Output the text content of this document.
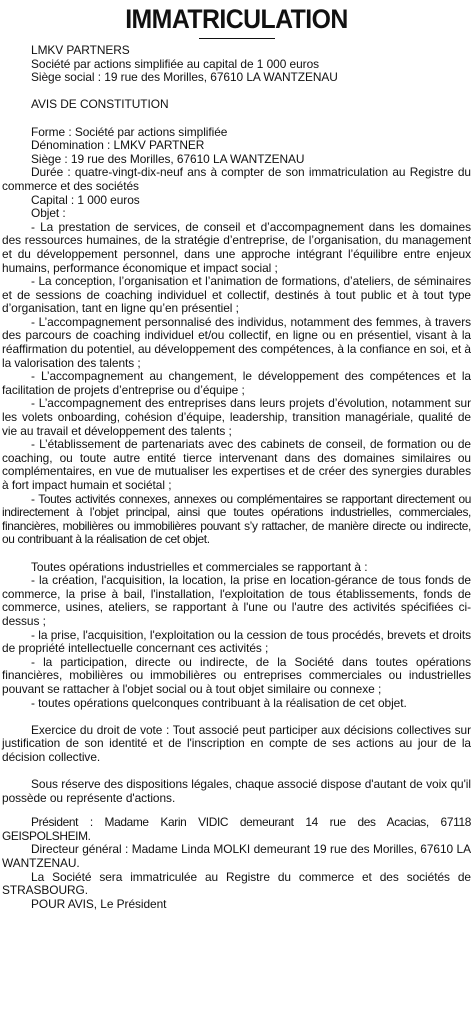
IMMATRICULATION
LMKV PARTNERS
Société par actions simplifiée au capital de 1 000 euros
Siège social : 19 rue des Morilles, 67610 LA WANTZENAU
AVIS DE CONSTITUTION
Forme : Société par actions simplifiée
Dénomination : LMKV PARTNER
Siège : 19 rue des Morilles, 67610 LA WANTZENAU

Durée : quatre-vingt-dix-neuf ans à compter de son immatriculation au Registre du commerce et des sociétés

Capital : 1 000 euros
Objet :

- La prestation de services, de conseil et d’accompagnement dans les domaines des ressources humaines, de la stratégie d’entreprise, de l’organisation, du management et du développement personnel, dans une approche intégrant l’équilibre entre enjeux humains, performance économique et impact social ;

- La conception, l’organisation et l’animation de formations, d’ateliers, de séminaires et de sessions de coaching individuel et collectif, destinés à tout public et à tout type d’organisation, tant en ligne qu’en présentiel ;

- L’accompagnement personnalisé des individus, notamment des femmes, à travers des parcours de coaching individuel et/ou collectif, en ligne ou en présentiel, visant à la réaffirmation du potentiel, au développement des compétences, à la confiance en soi, et à la valorisation des talents ;

- L’accompagnement au changement, le développement des compétences et la facilitation de projets d’entreprise ou d’équipe ;

- L’accompagnement des entreprises dans leurs projets d’évolution, notamment sur les volets onboarding, cohésion d’équipe, leadership, transition managériale, qualité de vie au travail et développement des talents ;

- L’établissement de partenariats avec des cabinets de conseil, de formation ou de coaching, ou toute autre entité tierce intervenant dans des domaines similaires ou complémentaires, en vue de mutualiser les expertises et de créer des synergies durables à fort impact humain et sociétal ;

- Toutes activités connexes, annexes ou complémentaires se rapportant directement ou indirectement à l’objet principal, ainsi que toutes opérations industrielles, commerciales, financières, mobilières ou immobilières pouvant s’y rattacher, de manière directe ou indirecte, ou contribuant à la réalisation de cet objet.

Toutes opérations industrielles et commerciales se rapportant à :

- la création, l'acquisition, la location, la prise en location-gérance de tous fonds de commerce, la prise à bail, l'installation, l'exploitation de tous établissements, fonds de commerce, usines, ateliers, se rapportant à l'une ou l'autre des activités spécifiées ci-dessus ;

- la prise, l'acquisition, l'exploitation ou la cession de tous procédés, brevets et droits de propriété intellectuelle concernant ces activités ;

- la participation, directe ou indirecte, de la Société dans toutes opérations financières, mobilières ou immobilières ou entreprises commerciales ou industrielles pouvant se rattacher à l'objet social ou à tout objet similaire ou connexe ;

- toutes opérations quelconques contribuant à la réalisation de cet objet.

Exercice du droit de vote : Tout associé peut participer aux décisions collectives sur justification de son identité et de l'inscription en compte de ses actions au jour de la décision collective.

Sous réserve des dispositions légales, chaque associé dispose d'autant de voix qu'il possède ou représente d'actions.

Président : Madame Karin VIDIC demeurant 14 rue des Acacias, 67118 GEISPOLSHEIM.

Directeur général : Madame Linda MOLKI demeurant 19 rue des Morilles, 67610 LA WANTZENAU.

La Société sera immatriculée au Registre du commerce et des sociétés de STRASBOURG.

POUR AVIS, Le Président
